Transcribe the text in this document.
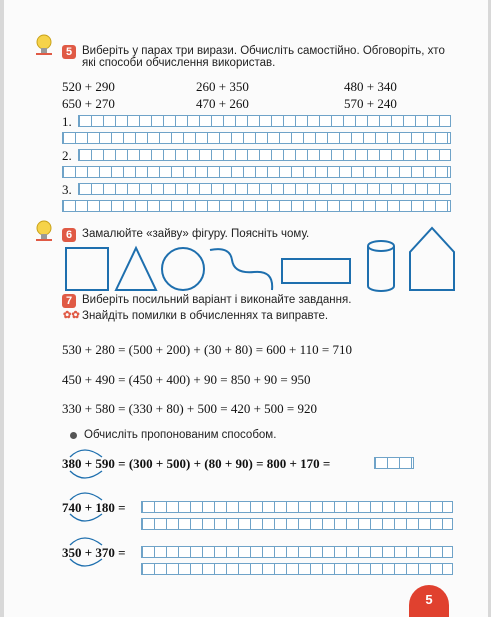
5 Виберіть у парах три вирази. Обчисліть самостійно. Обговоріть, хто
які способи обчислення використав.
520 + 290	260 + 350	480 + 340
650 + 270	470 + 260	570 + 240
1.
2.
3.
6 Замалюйте «зайву» фігуру. Поясніть чому.
7 Виберіть посильний варіант і виконайте завдання.
✿✿ Знайдіть помилки в обчисленнях та виправте.
530 + 280 = (500 + 200) + (30 + 80) = 600 + 110 = 710
450 + 490 = (450 + 400) + 90 = 850 + 90 = 950
330 + 580 = (330 + 80) + 500 = 420 + 500 = 920
Обчисліть пропонованим способом.
380 + 590 = (300 + 500) + (80 + 90) = 800 + 170 =
740 + 180 =
350 + 370 =
5
